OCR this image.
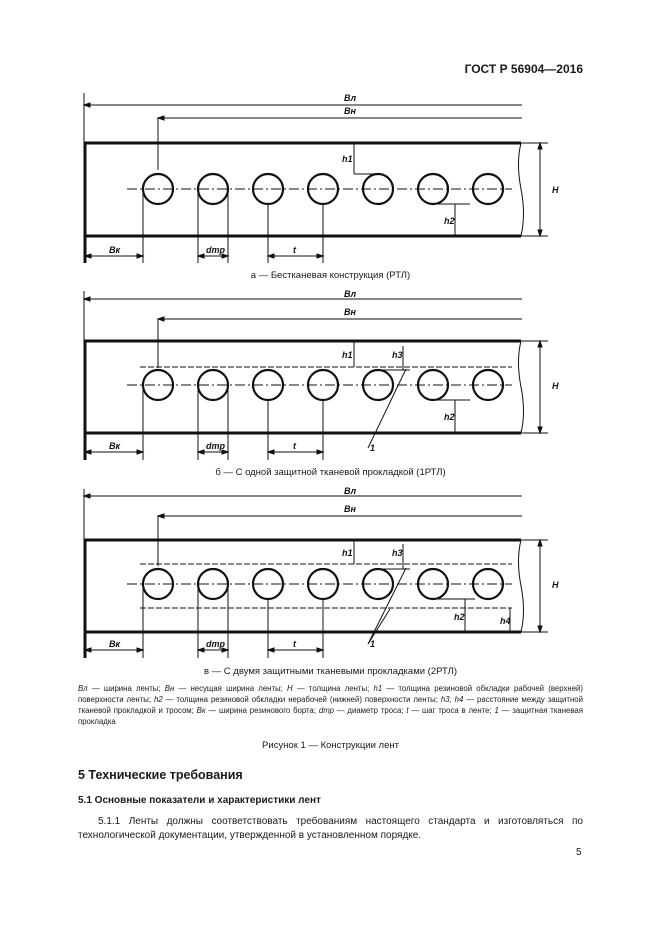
ГОСТ Р 56904—2016
Bл
Bн
H
h1
h2
Bк	dтр	t
а — Бестканевая конструкция (РТЛ)
Bл
Bн
H
h1	h3
h2
1
Bк	dтр	t
б — С одной защитной тканевой прокладкой (1РТЛ)
Bл
Bн
H
h1	h3
h2	h4
1
Bк	dтр	t
в — С двумя защитными тканевыми прокладками (2РТЛ)
Bл — ширина ленты; Bн — несущая ширина ленты; H — толщина ленты; h1 — толщина резиновой обкладки рабочей (верхней) поверхности ленты; h2 — толщина резиновой обкладки нерабочей (нижней) поверхности ленты; h3, h4 — расстояние между защитной тканевой прокладкой и тросом; Bк — ширина резинового борта; dтр — диаметр троса; t — шаг троса в ленте; 1 — защитная тканевая прокладка
Рисунок 1 — Конструкции лент
5 Технические требования
5.1 Основные показатели и характеристики лент
5.1.1 Ленты должны соответствовать требованиям настоящего стандарта и изготовляться по технологической документации, утвержденной в установленном порядке.
5
